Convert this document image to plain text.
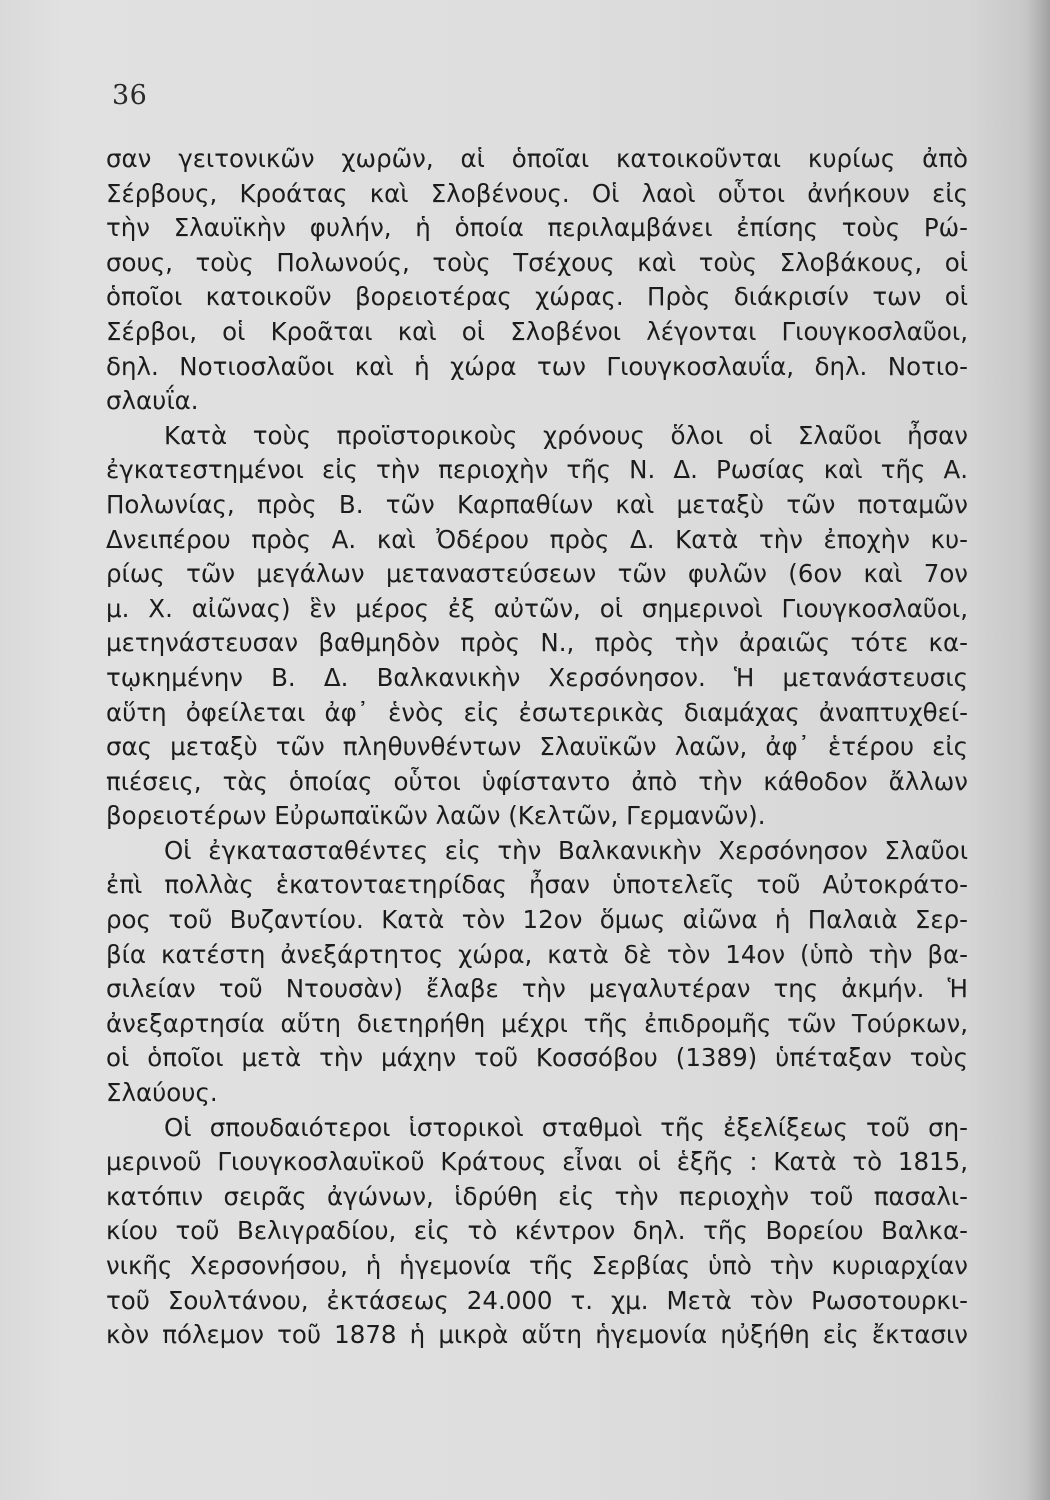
36
σαν γειτονικῶν χωρῶν, αἱ ὁποῖαι κατοικοῦνται κυρίως ἀπὸ
Σέρβους, Κροάτας καὶ Σλοβένους. Οἱ λαοὶ οὗτοι ἀνήκουν εἰς
τὴν Σλαυϊκὴν φυλήν, ἡ ὁποία περιλαμβάνει ἐπίσης τοὺς Ρώ-
σους, τοὺς Πολωνούς, τοὺς Τσέχους καὶ τοὺς Σλοβάκους, οἱ
ὁποῖοι κατοικοῦν βορειοτέρας χώρας. Πρὸς διάκρισίν των οἱ
Σέρβοι, οἱ Κροᾶται καὶ οἱ Σλοβένοι λέγονται Γιουγκοσλαῦοι,
δηλ. Νοτιοσλαῦοι καὶ ἡ χώρα των Γιουγκοσλαυΐα, δηλ. Νοτιο-
σλαυΐα.
Κατὰ τοὺς προϊστορικοὺς χρόνους ὅλοι οἱ Σλαῦοι ἦσαν
ἐγκατεστημένοι εἰς τὴν περιοχὴν τῆς Ν. Δ. Ρωσίας καὶ τῆς Α.
Πολωνίας, πρὸς Β. τῶν Καρπαθίων καὶ μεταξὺ τῶν ποταμῶν
Δνειπέρου πρὸς Α. καὶ Ὀδέρου πρὸς Δ. Κατὰ τὴν ἐποχὴν κυ-
ρίως τῶν μεγάλων μεταναστεύσεων τῶν φυλῶν (6ον καὶ 7ον
μ. Χ. αἰῶνας) ἓν μέρος ἐξ αὐτῶν, οἱ σημερινοὶ Γιουγκοσλαῦοι,
μετηνάστευσαν βαθμηδὸν πρὸς Ν., πρὸς τὴν ἀραιῶς τότε κα-
τῳκημένην Β. Δ. Βαλκανικὴν Χερσόνησον. Ἡ μετανάστευσις
αὕτη ὀφείλεται ἀφ᾿ ἑνὸς εἰς ἐσωτερικὰς διαμάχας ἀναπτυχθεί-
σας μεταξὺ τῶν πληθυνθέντων Σλαυϊκῶν λαῶν, ἀφ᾿ ἑτέρου εἰς
πιέσεις, τὰς ὁποίας οὗτοι ὑφίσταντο ἀπὸ τὴν κάθοδον ἄλλων
βορειοτέρων Εὐρωπαϊκῶν λαῶν (Κελτῶν, Γερμανῶν).
Οἱ ἐγκατασταθέντες εἰς τὴν Βαλκανικὴν Χερσόνησον Σλαῦοι
ἐπὶ πολλὰς ἑκατονταετηρίδας ἦσαν ὑποτελεῖς τοῦ Αὐτοκράτο-
ρος τοῦ Βυζαντίου. Κατὰ τὸν 12ον ὅμως αἰῶνα ἡ Παλαιὰ Σερ-
βία κατέστη ἀνεξάρτητος χώρα, κατὰ δὲ τὸν 14ον (ὑπὸ τὴν βα-
σιλείαν τοῦ Ντουσὰν) ἔλαβε τὴν μεγαλυτέραν της ἀκμήν. Ἡ
ἀνεξαρτησία αὕτη διετηρήθη μέχρι τῆς ἐπιδρομῆς τῶν Τούρκων,
οἱ ὁποῖοι μετὰ τὴν μάχην τοῦ Κοσσόβου (1389) ὑπέταξαν τοὺς
Σλαύους.
Οἱ σπουδαιότεροι ἱστορικοὶ σταθμοὶ τῆς ἐξελίξεως τοῦ ση-
μερινοῦ Γιουγκοσλαυϊκοῦ Κράτους εἶναι οἱ ἑξῆς : Κατὰ τὸ 1815,
κατόπιν σειρᾶς ἀγώνων, ἱδρύθη εἰς τὴν περιοχὴν τοῦ πασαλι-
κίου τοῦ Βελιγραδίου, εἰς τὸ κέντρον δηλ. τῆς Βορείου Βαλκα-
νικῆς Χερσονήσου, ἡ ἡγεμονία τῆς Σερβίας ὑπὸ τὴν κυριαρχίαν
τοῦ Σουλτάνου, ἐκτάσεως 24.000 τ. χμ. Μετὰ τὸν Ρωσοτουρκι-
κὸν πόλεμον τοῦ 1878 ἡ μικρὰ αὕτη ἡγεμονία ηὐξήθη εἰς ἔκτασιν
